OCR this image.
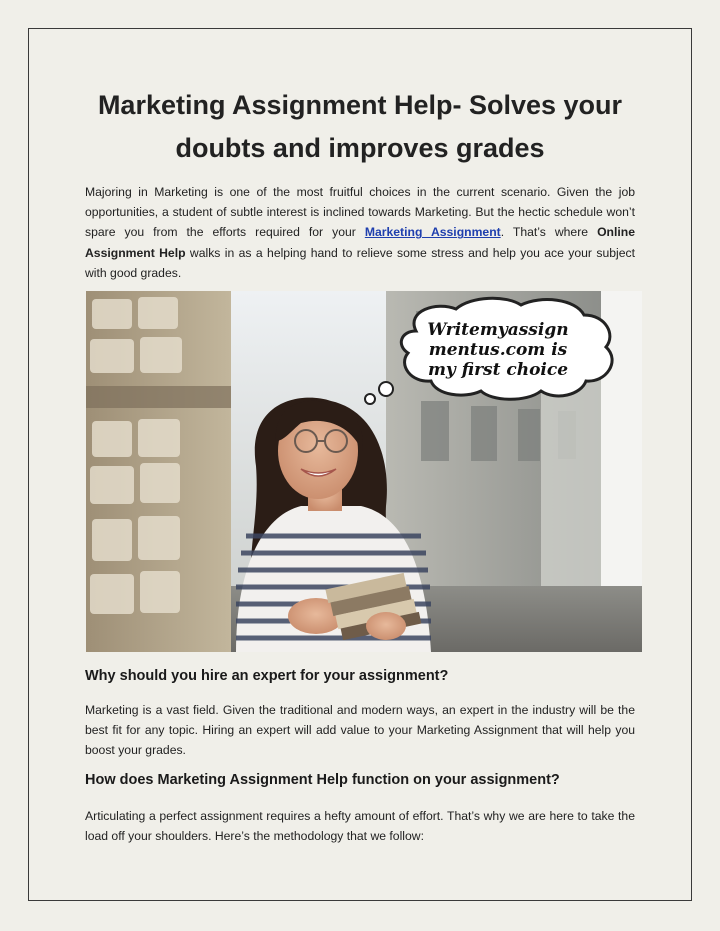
Marketing Assignment Help- Solves your doubts and improves grades

Majoring in Marketing is one of the most fruitful choices in the current scenario. Given the job opportunities, a student of subtle interest is inclined towards Marketing. But the hectic schedule won’t spare you from the efforts required for your Marketing Assignment. That’s where Online Assignment Help walks in as a helping hand to relieve some stress and help you ace your subject with good grades.

Writemyassign
mentus.com is
my first choice
Why should you hire an expert for your assignment?

Marketing is a vast field. Given the traditional and modern ways, an expert in the industry will be the best fit for any topic. Hiring an expert will add value to your Marketing Assignment that will help you boost your grades.

How does Marketing Assignment Help function on your assignment?

Articulating a perfect assignment requires a hefty amount of effort. That’s why we are here to take the load off your shoulders. Here’s the methodology that we follow:
